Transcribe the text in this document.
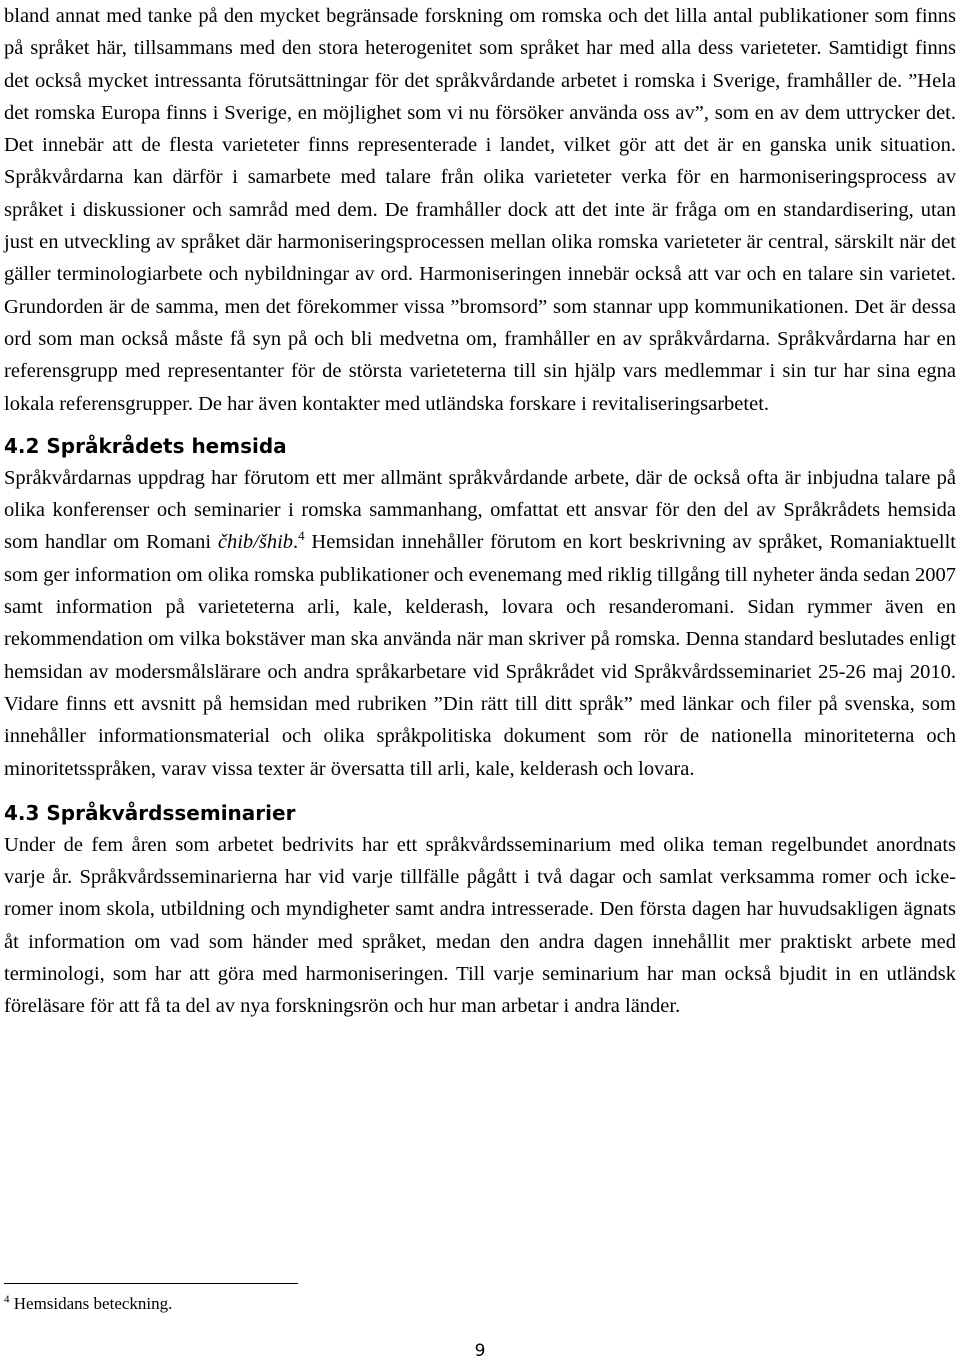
bland annat med tanke på den mycket begränsade forskning om romska och det lilla antal publikationer som finns på språket här, tillsammans med den stora heterogenitet som språket har med alla dess varieteter. Samtidigt finns det också mycket intressanta förutsättningar för det språkvårdande arbetet i romska i Sverige, framhåller de. ”Hela det romska Europa finns i Sverige, en möjlighet som vi nu försöker använda oss av”, som en av dem uttrycker det. Det innebär att de flesta varieteter finns representerade i landet, vilket gör att det är en ganska unik situation. Språkvårdarna kan därför i samarbete med talare från olika varieteter verka för en harmoniseringsprocess av språket i diskussioner och samråd med dem. De framhåller dock att det inte är fråga om en standardisering, utan just en utveckling av språket där harmoniseringsprocessen mellan olika romska varieteter är central, särskilt när det gäller terminologiarbete och nybildningar av ord. Harmoniseringen innebär också att var och en talare sin varietet. Grundorden är de samma, men det förekommer vissa ”bromsord” som stannar upp kommunikationen. Det är dessa ord som man också måste få syn på och bli medvetna om, framhåller en av språkvårdarna. Språkvårdarna har en referensgrupp med representanter för de största varieteterna till sin hjälp vars medlemmar i sin tur har sina egna lokala referensgrupper. De har även kontakter med utländska forskare i revitaliseringsarbetet.

4.2 Språkrådets hemsida

Språkvårdarnas uppdrag har förutom ett mer allmänt språkvårdande arbete, där de också ofta är inbjudna talare på olika konferenser och seminarier i romska sammanhang, omfattat ett ansvar för den del av Språkrådets hemsida som handlar om Romani čhib/šhib.$^4$ Hemsidan innehåller förutom en kort beskrivning av språket, Romaniaktuellt som ger information om olika romska publikationer och evenemang med riklig tillgång till nyheter ända sedan 2007 samt information på varieteterna arli, kale, kelderash, lovara och resanderomani. Sidan rymmer även en rekommendation om vilka bokstäver man ska använda när man skriver på romska. Denna standard beslutades enligt hemsidan av modersmålslärare och andra språkarbetare vid Språkrådet vid Språkvårdsseminariet 25-26 maj 2010. Vidare finns ett avsnitt på hemsidan med rubriken ”Din rätt till ditt språk” med länkar och filer på svenska, som innehåller informationsmaterial och olika språkpolitiska dokument som rör de nationella minoriteterna och minoritetsspråken, varav vissa texter är översatta till arli, kale, kelderash och lovara.

4.3 Språkvårdsseminarier

Under de fem åren som arbetet bedrivits har ett språkvårdsseminarium med olika teman regelbundet anordnats varje år. Språkvårdsseminarierna har vid varje tillfälle pågått i två dagar och samlat verksamma romer och icke-romer inom skola, utbildning och myndigheter samt andra intresserade. Den första dagen har huvudsakligen ägnats åt information om vad som händer med språket, medan den andra dagen innehållit mer praktiskt arbete med terminologi, som har att göra med harmoniseringen. Till varje seminarium har man också bjudit in en utländsk föreläsare för att få ta del av nya forskningsrön och hur man arbetar i andra länder.

$^4$ Hemsidans beteckning.
9
